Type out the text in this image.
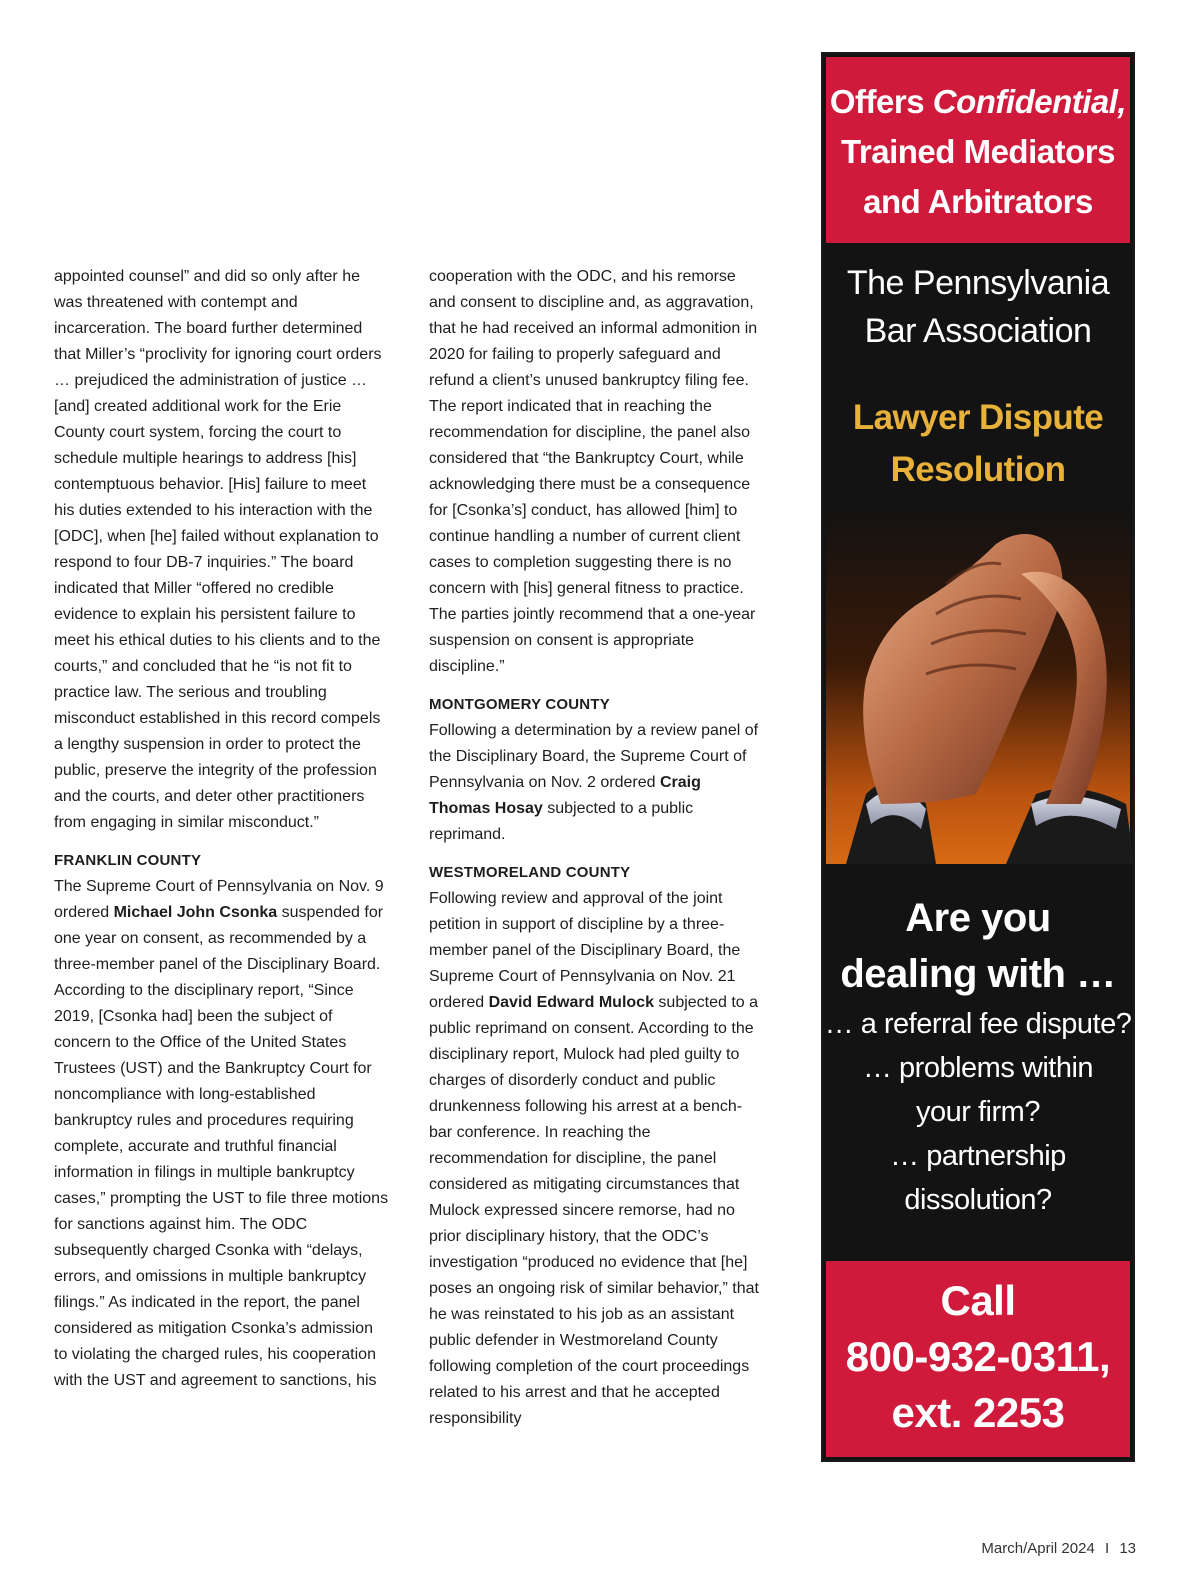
appointed counsel” and did so only after he was threatened with contempt and incarceration. The board further determined that Miller’s “proclivity for ignoring court orders … prejudiced the administration of justice … [and] created additional work for the Erie County court system, forcing the court to schedule multiple hearings to address [his] contemptuous behavior. [His] failure to meet his duties extended to his interaction with the [ODC], when [he] failed without explanation to respond to four DB-7 inquiries.” The board indicated that Miller “offered no credible evidence to explain his persistent failure to meet his ethical duties to his clients and to the courts,” and concluded that he “is not fit to practice law. The serious and troubling misconduct established in this record compels a lengthy suspension in order to protect the public, preserve the integrity of the profession and the courts, and deter other practitioners from engaging in similar misconduct.”

FRANKLIN COUNTY

The Supreme Court of Pennsylvania on Nov. 9 ordered Michael John Csonka suspended for one year on consent, as recommended by a three-member panel of the Disciplinary Board. According to the disciplinary report, “Since 2019, [Csonka had] been the subject of concern to the Office of the United States Trustees (UST) and the Bankruptcy Court for noncompliance with long-established bankruptcy rules and procedures requiring complete, accurate and truthful financial information in filings in multiple bankruptcy cases,” prompting the UST to file three motions for sanctions against him. The ODC subsequently charged Csonka with “delays, errors, and omissions in multiple bankruptcy filings.” As indicated in the report, the panel considered as mitigation Csonka’s admission to violating the charged rules, his cooperation with the UST and agreement to sanctions, his

cooperation with the ODC, and his remorse and consent to discipline and, as aggravation, that he had received an informal admonition in 2020 for failing to properly safeguard and refund a client’s unused bankruptcy filing fee. The report indicated that in reaching the recommendation for discipline, the panel also considered that “the Bankruptcy Court, while acknowledging there must be a consequence for [Csonka’s] conduct, has allowed [him] to continue handling a number of current client cases to completion suggesting there is no concern with [his] general fitness to practice. The parties jointly recommend that a one-year suspension on consent is appropriate discipline.”

MONTGOMERY COUNTY

Following a determination by a review panel of the Disciplinary Board, the Supreme Court of Pennsylvania on Nov. 2 ordered Craig Thomas Hosay subjected to a public reprimand.

WESTMORELAND COUNTY

Following review and approval of the joint petition in support of discipline by a three-member panel of the Disciplinary Board, the Supreme Court of Pennsylvania on Nov. 21 ordered David Edward Mulock subjected to a public reprimand on consent. According to the disciplinary report, Mulock had pled guilty to charges of disorderly conduct and public drunkenness following his arrest at a bench-bar conference. In reaching the recommendation for discipline, the panel considered as mitigating circumstances that Mulock expressed sincere remorse, had no prior disciplinary history, that the ODC’s investigation “produced no evidence that [he] poses an ongoing risk of similar behavior,” that he was reinstated to his job as an assistant public defender in Westmoreland County following completion of the court proceedings related to his arrest and that he accepted responsibility

Offers Confidential,
Trained Mediators
and Arbitrators
The Pennsylvania
Bar Association
Lawyer Dispute
Resolution
Are you
dealing with …
… a referral fee dispute?
… problems within
your firm?
… partnership
dissolution?
Call
800-932-0311,
ext. 2253
March/April 2024 I 13
